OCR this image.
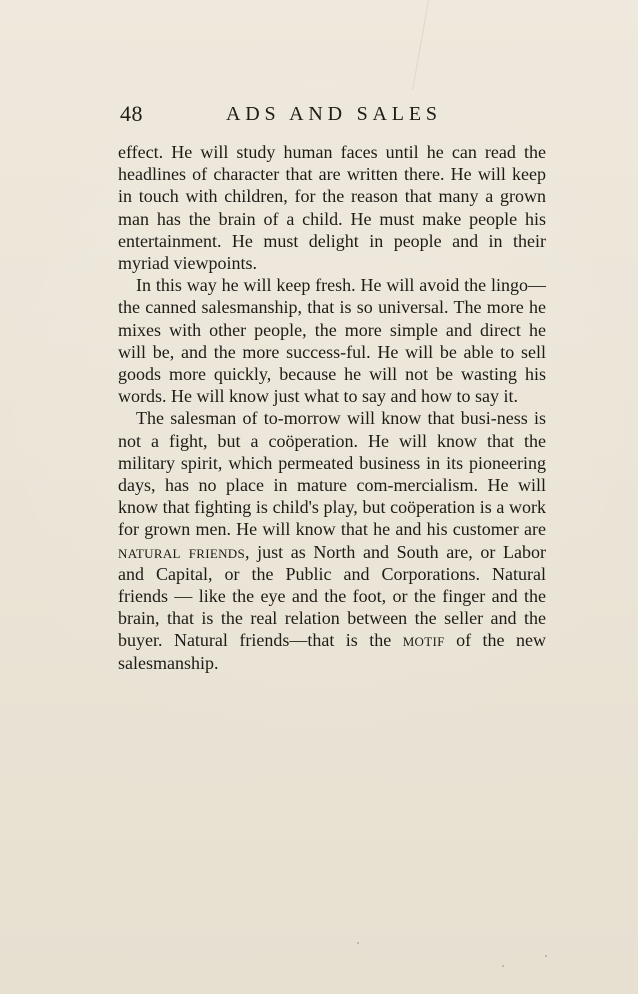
48	ADS AND SALES

effect. He will study human faces until he can read the headlines of character that are written there. He will keep in touch with children, for the reason that many a grown man has the brain of a child. He must make people his entertainment. He must delight in people and in their myriad viewpoints.

In this way he will keep fresh. He will avoid the lingo—the canned salesmanship, that is so universal. The more he mixes with other people, the more simple and direct he will be, and the more success-ful. He will be able to sell goods more quickly, because he will not be wasting his words. He will know just what to say and how to say it.

The salesman of to-morrow will know that busi-ness is not a fight, but a coöperation. He will know that the military spirit, which permeated business in its pioneering days, has no place in mature com-mercialism. He will know that fighting is child's play, but coöperation is a work for grown men. He will know that he and his customer are natural friends, just as North and South are, or Labor and Capital, or the Public and Corporations. Natural friends — like the eye and the foot, or the finger and the brain, that is the real relation between the seller and the buyer. Natural friends—that is the motif of the new salesmanship.
